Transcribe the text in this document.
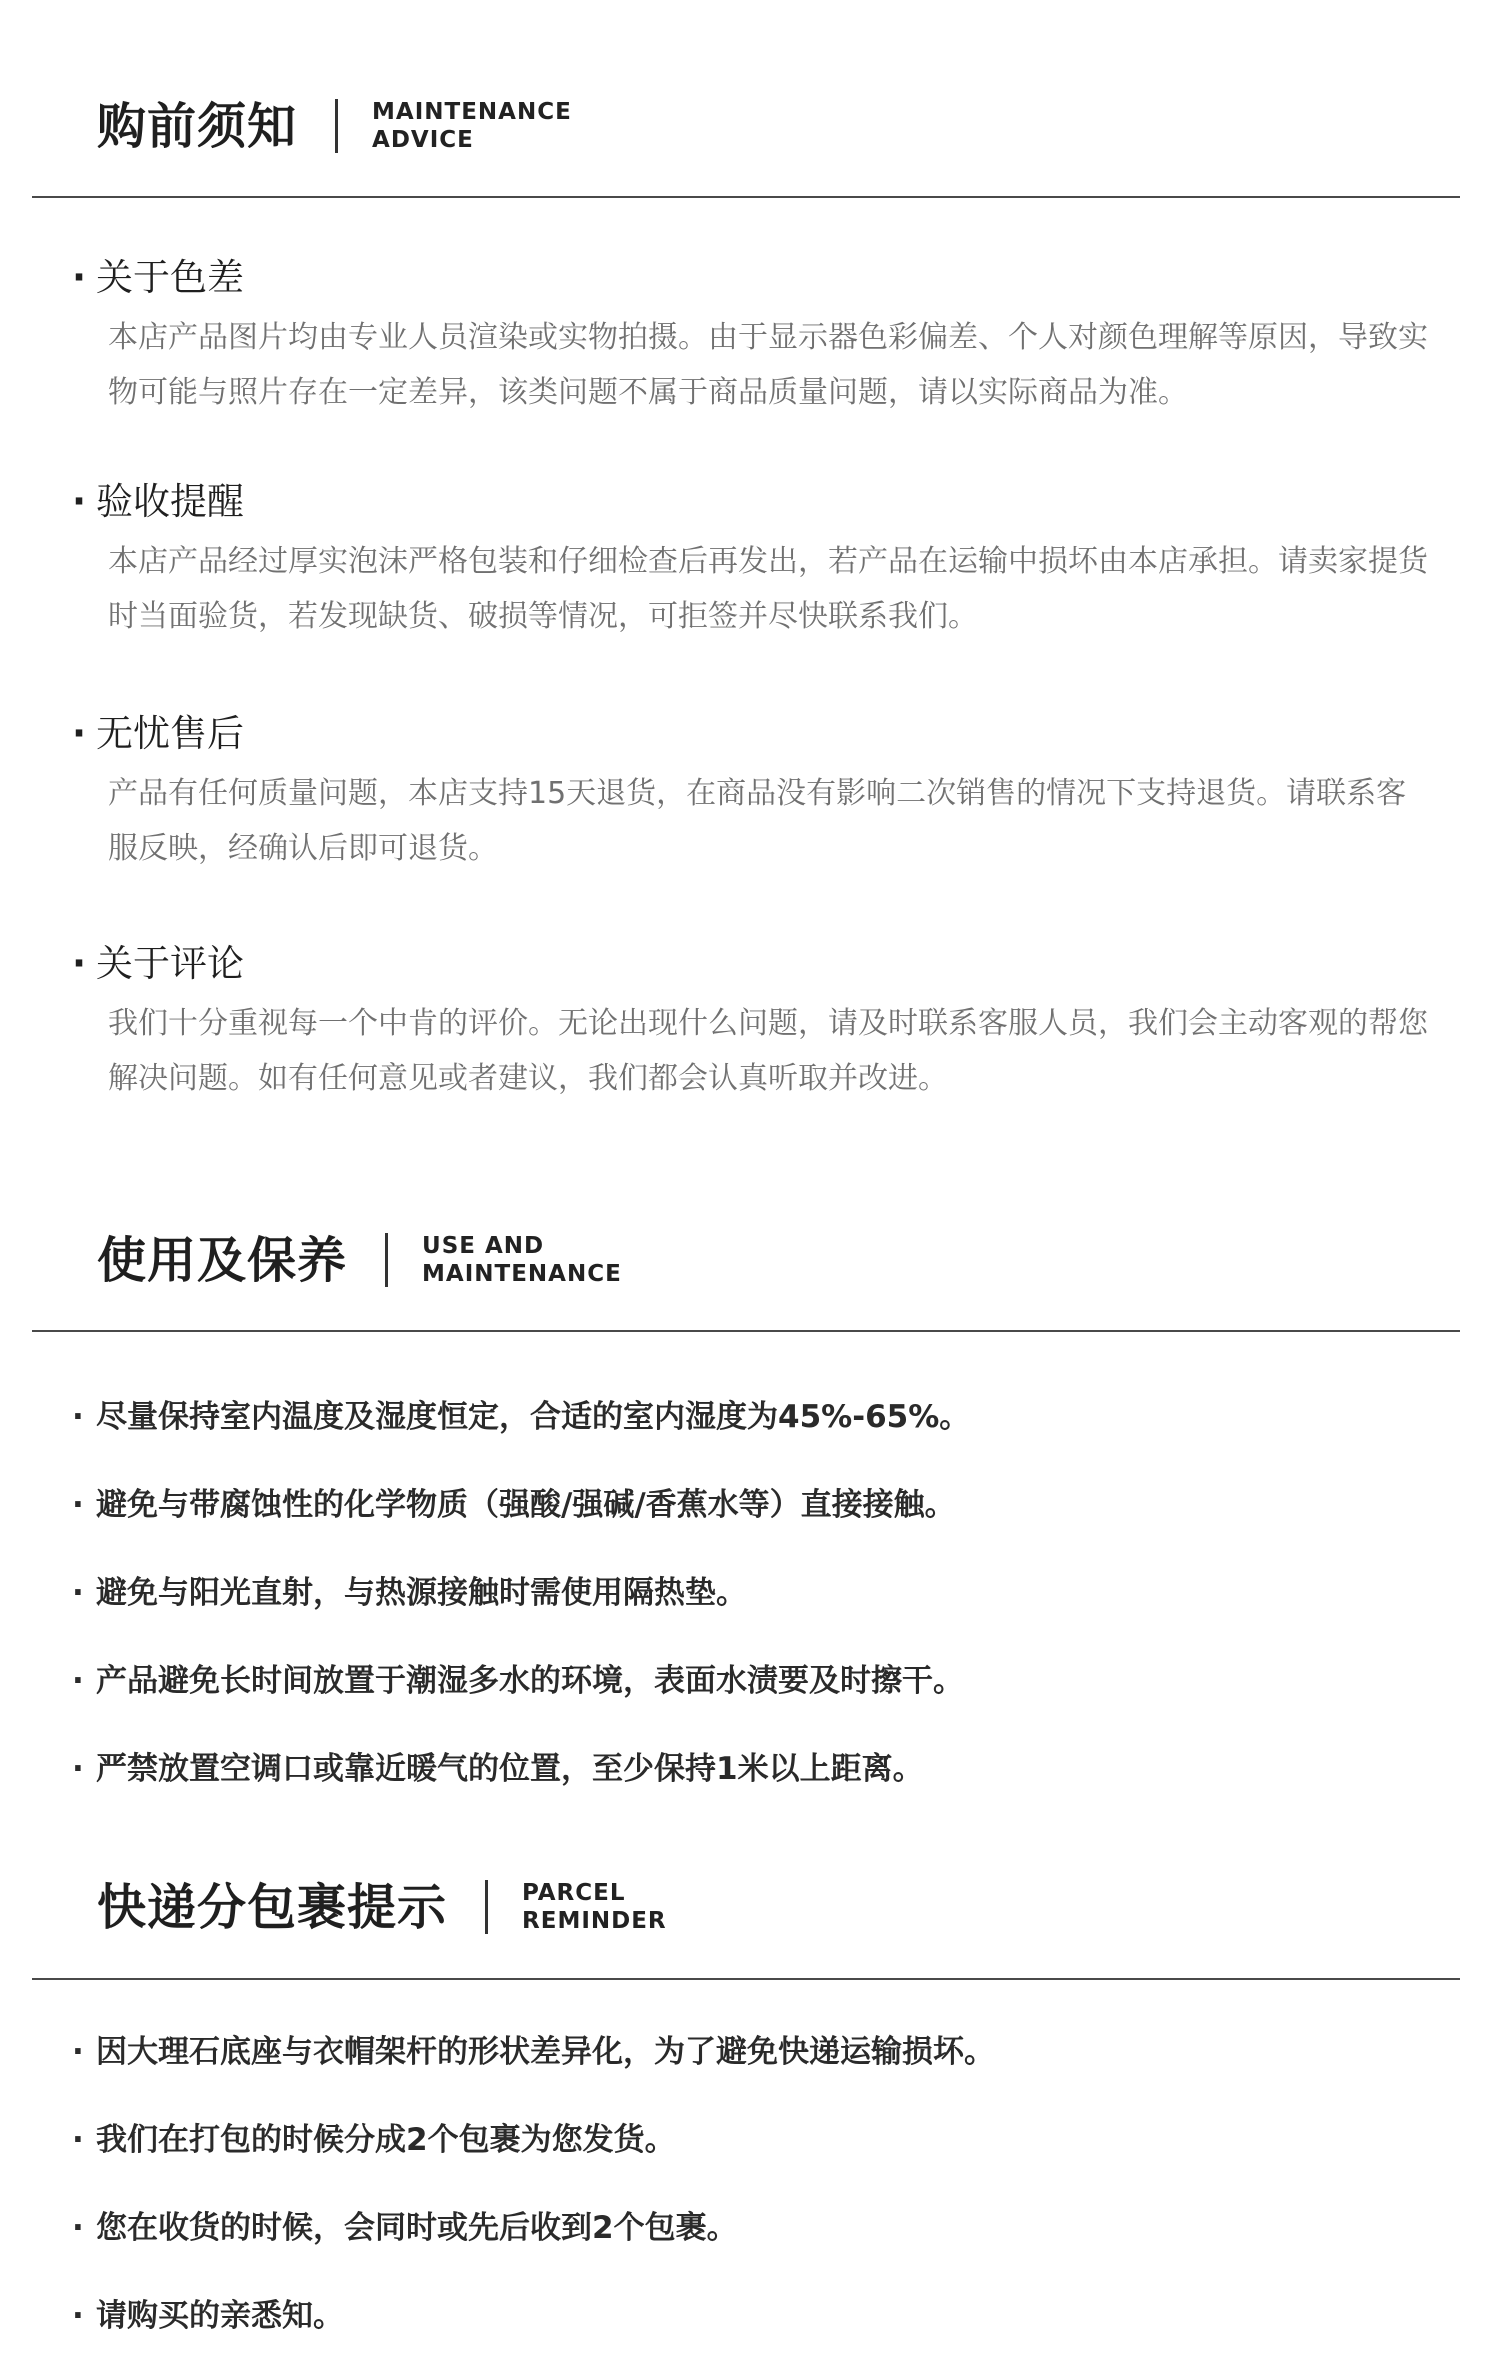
购前须知	MAINTENANCE
ADVICE
· 关于色差
本店产品图片均由专业人员渲染或实物拍摄。由于显示器色彩偏差、个人对颜色理解等原因，导致实物可能与照片存在一定差异，该类问题不属于商品质量问题，请以实际商品为准。
· 验收提醒
本店产品经过厚实泡沫严格包装和仔细检查后再发出，若产品在运输中损坏由本店承担。请卖家提货时当面验货，若发现缺货、破损等情况，可拒签并尽快联系我们。
· 无忧售后
产品有任何质量问题，本店支持15天退货，在商品没有影响二次销售的情况下支持退货。请联系客服反映，经确认后即可退货。
· 关于评论
我们十分重视每一个中肯的评价。无论出现什么问题，请及时联系客服人员，我们会主动客观的帮您解决问题。如有任何意见或者建议，我们都会认真听取并改进。
使用及保养	USE AND
MAINTENANCE
· 尽量保持室内温度及湿度恒定，合适的室内湿度为45%-65%。
· 避免与带腐蚀性的化学物质（强酸/强碱/香蕉水等）直接接触。
· 避免与阳光直射，与热源接触时需使用隔热垫。
· 产品避免长时间放置于潮湿多水的环境，表面水渍要及时擦干。
· 严禁放置空调口或靠近暖气的位置，至少保持1米以上距离。
快递分包裹提示	PARCEL
REMINDER
· 因大理石底座与衣帽架杆的形状差异化，为了避免快递运输损坏。
· 我们在打包的时候分成2个包裹为您发货。
· 您在收货的时候，会同时或先后收到2个包裹。
· 请购买的亲悉知。
